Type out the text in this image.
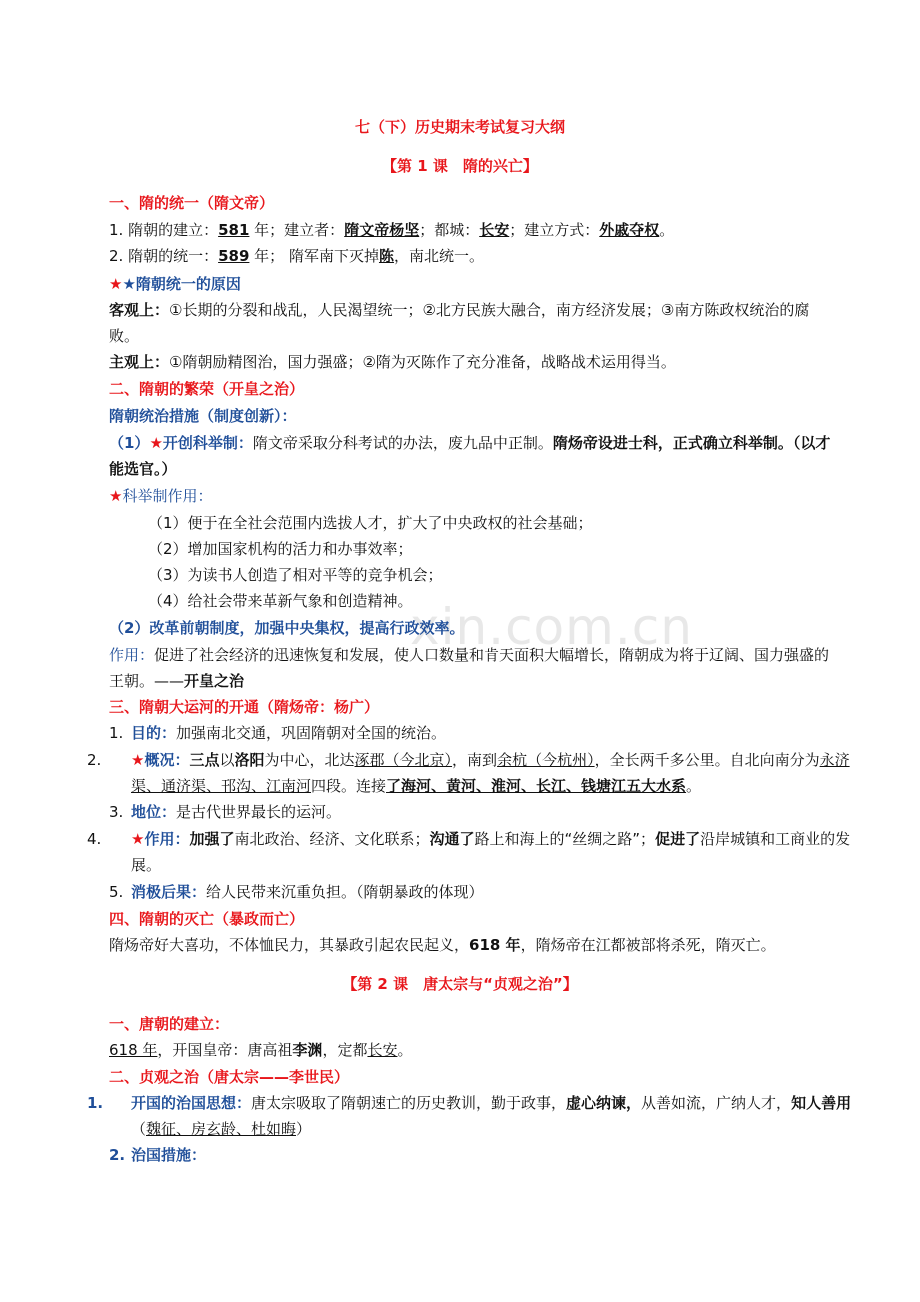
xin.com.cn
七（下）历史期末考试复习大纲
【第 1 课　隋的兴亡】
一、隋的统一（隋文帝）
1. 隋朝的建立：581 年；建立者：隋文帝杨坚；都城：长安；建立方式：外戚夺权。
2. 隋朝的统一：589 年； 隋军南下灭掉陈，南北统一。
★★隋朝统一的原因
客观上：①长期的分裂和战乱，人民渴望统一；②北方民族大融合，南方经济发展；③南方陈政权统治的腐败。
主观上：①隋朝励精图治，国力强盛；②隋为灭陈作了充分准备，战略战术运用得当。
二、隋朝的繁荣（开皇之治）
隋朝统治措施（制度创新）：
（1）★开创科举制：隋文帝采取分科考试的办法，废九品中正制。隋炀帝设进士科，正式确立科举制。（以才能选官。）
★科举制作用：
（1）便于在全社会范围内选拔人才，扩大了中央政权的社会基础；
（2）增加国家机构的活力和办事效率；
（3）为读书人创造了相对平等的竞争机会；
（4）给社会带来革新气象和创造精神。
（2）改革前朝制度，加强中央集权，提高行政效率。
作用：促进了社会经济的迅速恢复和发展，使人口数量和肯天面积大幅增长，隋朝成为将于辽阔、国力强盛的王朝。——开皇之治
三、隋朝大运河的开通（隋炀帝：杨广）
1. 目的：加强南北交通，巩固隋朝对全国的统治。
2. ★概况：三点以洛阳为中心，北达涿郡（今北京），南到余杭（今杭州），全长两千多公里。自北向南分为永济渠、通济渠、邗沟、江南河四段。连接了海河、黄河、淮河、长江、钱塘江五大水系。
3. 地位：是古代世界最长的运河。
4. ★作用：加强了南北政治、经济、文化联系；沟通了路上和海上的“丝绸之路”；促进了沿岸城镇和工商业的发展。
5. 消极后果：给人民带来沉重负担。（隋朝暴政的体现）
四、隋朝的灭亡（暴政而亡）
隋炀帝好大喜功，不体恤民力，其暴政引起农民起义，618 年，隋炀帝在江都被部将杀死，隋灭亡。
【第 2 课　唐太宗与“贞观之治”】
一、唐朝的建立：
618 年，开国皇帝：唐高祖李渊，定都长安。
二、贞观之治（唐太宗——李世民）
1. 开国的治国思想：唐太宗吸取了隋朝速亡的历史教训，勤于政事，虚心纳谏，从善如流，广纳人才，知人善用（魏征、房玄龄、杜如晦）
2. 治国措施：
